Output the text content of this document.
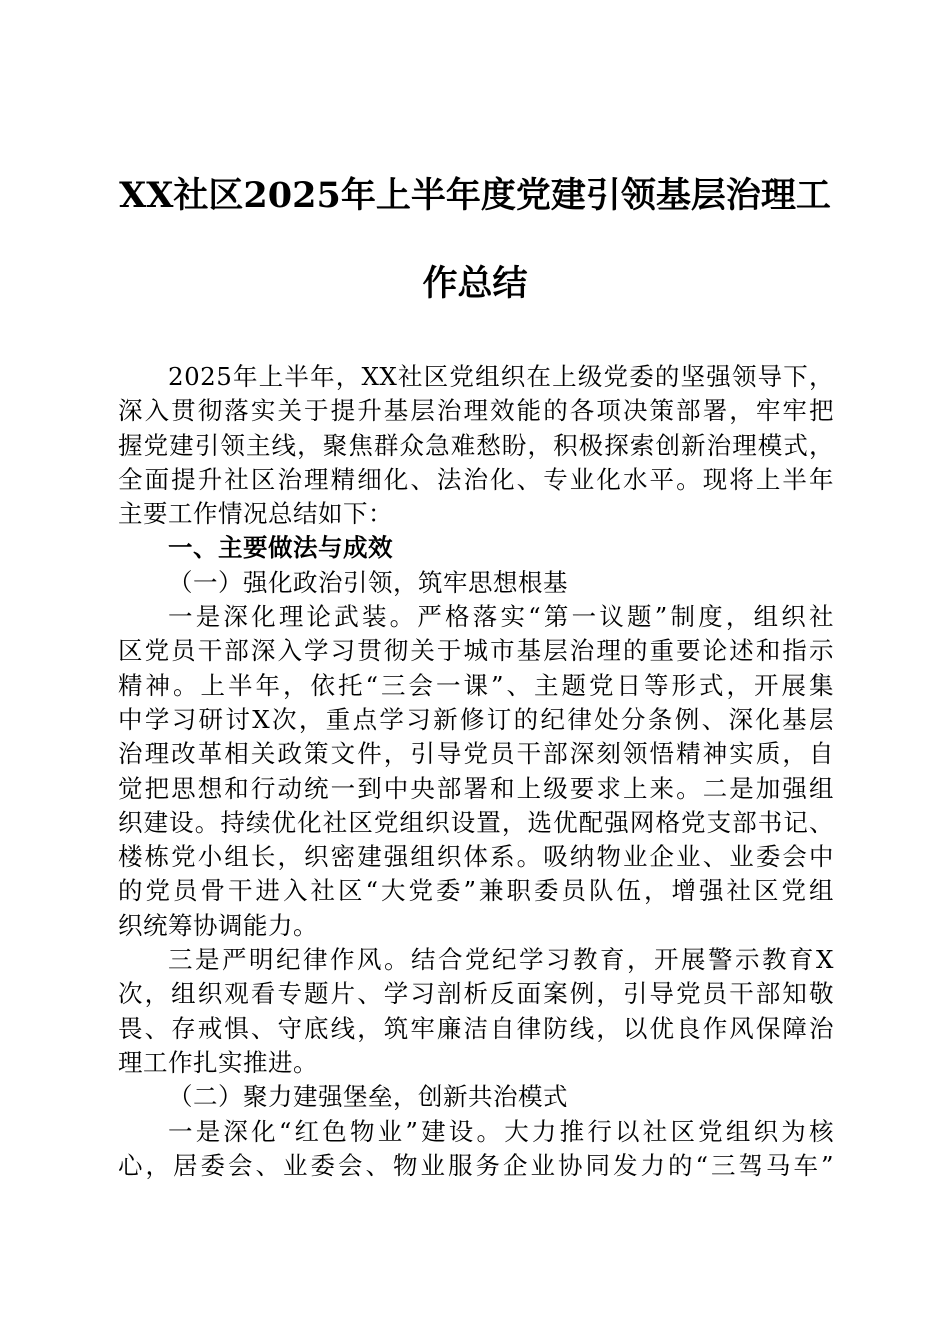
XX社区2025年上半年度党建引领基层治理工
作总结
2025年上半年，XX社区党组织在上级党委的坚强领导下，
深入贯彻落实关于提升基层治理效能的各项决策部署，牢牢把
握党建引领主线，聚焦群众急难愁盼，积极探索创新治理模式，
全面提升社区治理精细化、法治化、专业化水平。现将上半年
主要工作情况总结如下：
一、主要做法与成效
（一）强化政治引领，筑牢思想根基
一是深化理论武装。严格落实“第一议题”制度，组织社
区党员干部深入学习贯彻关于城市基层治理的重要论述和指示
精神。上半年，依托“三会一课”、主题党日等形式，开展集
中学习研讨X次，重点学习新修订的纪律处分条例、深化基层
治理改革相关政策文件，引导党员干部深刻领悟精神实质，自
觉把思想和行动统一到中央部署和上级要求上来。二是加强组
织建设。持续优化社区党组织设置，选优配强网格党支部书记、
楼栋党小组长，织密建强组织体系。吸纳物业企业、业委会中
的党员骨干进入社区“大党委”兼职委员队伍，增强社区党组
织统筹协调能力。
三是严明纪律作风。结合党纪学习教育，开展警示教育X
次，组织观看专题片、学习剖析反面案例，引导党员干部知敬
畏、存戒惧、守底线，筑牢廉洁自律防线，以优良作风保障治
理工作扎实推进。
（二）聚力建强堡垒，创新共治模式
一是深化“红色物业”建设。大力推行以社区党组织为核
心，居委会、业委会、物业服务企业协同发力的“三驾马车”
